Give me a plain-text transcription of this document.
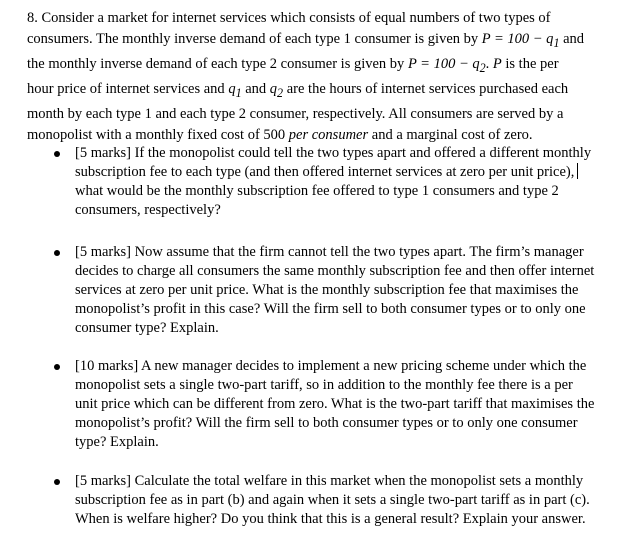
8. Consider a market for internet services which consists of equal numbers of two types of
consumers. The monthly inverse demand of each type 1 consumer is given by $P = 100 - q_1$ and
the monthly inverse demand of each type 2 consumer is given by $P = 100 - q_2$. P is the per
hour price of internet services and $q_1$ and $q_2$ are the hours of internet services purchased each
month by each type 1 and each type 2 consumer, respectively. All consumers are served by a
monopolist with a monthly fixed cost of 500 per consumer and a marginal cost of zero.
[5 marks] If the monopolist could tell the two types apart and offered a different monthly
subscription fee to each type (and then offered internet services at zero per unit price),
what would be the monthly subscription fee offered to type 1 consumers and type 2
consumers, respectively?
[5 marks] Now assume that the firm cannot tell the two types apart. The firm’s manager
decides to charge all consumers the same monthly subscription fee and then offer internet
services at zero per unit price. What is the monthly subscription fee that maximises the
monopolist’s profit in this case? Will the firm sell to both consumer types or to only one
consumer type? Explain.
[10 marks] A new manager decides to implement a new pricing scheme under which the
monopolist sets a single two-part tariff, so in addition to the monthly fee there is a per
unit price which can be different from zero. What is the two-part tariff that maximises the
monopolist’s profit? Will the firm sell to both consumer types or to only one consumer
type? Explain.
[5 marks] Calculate the total welfare in this market when the monopolist sets a monthly
subscription fee as in part (b) and again when it sets a single two-part tariff as in part (c).
When is welfare higher? Do you think that this is a general result? Explain your answer.
